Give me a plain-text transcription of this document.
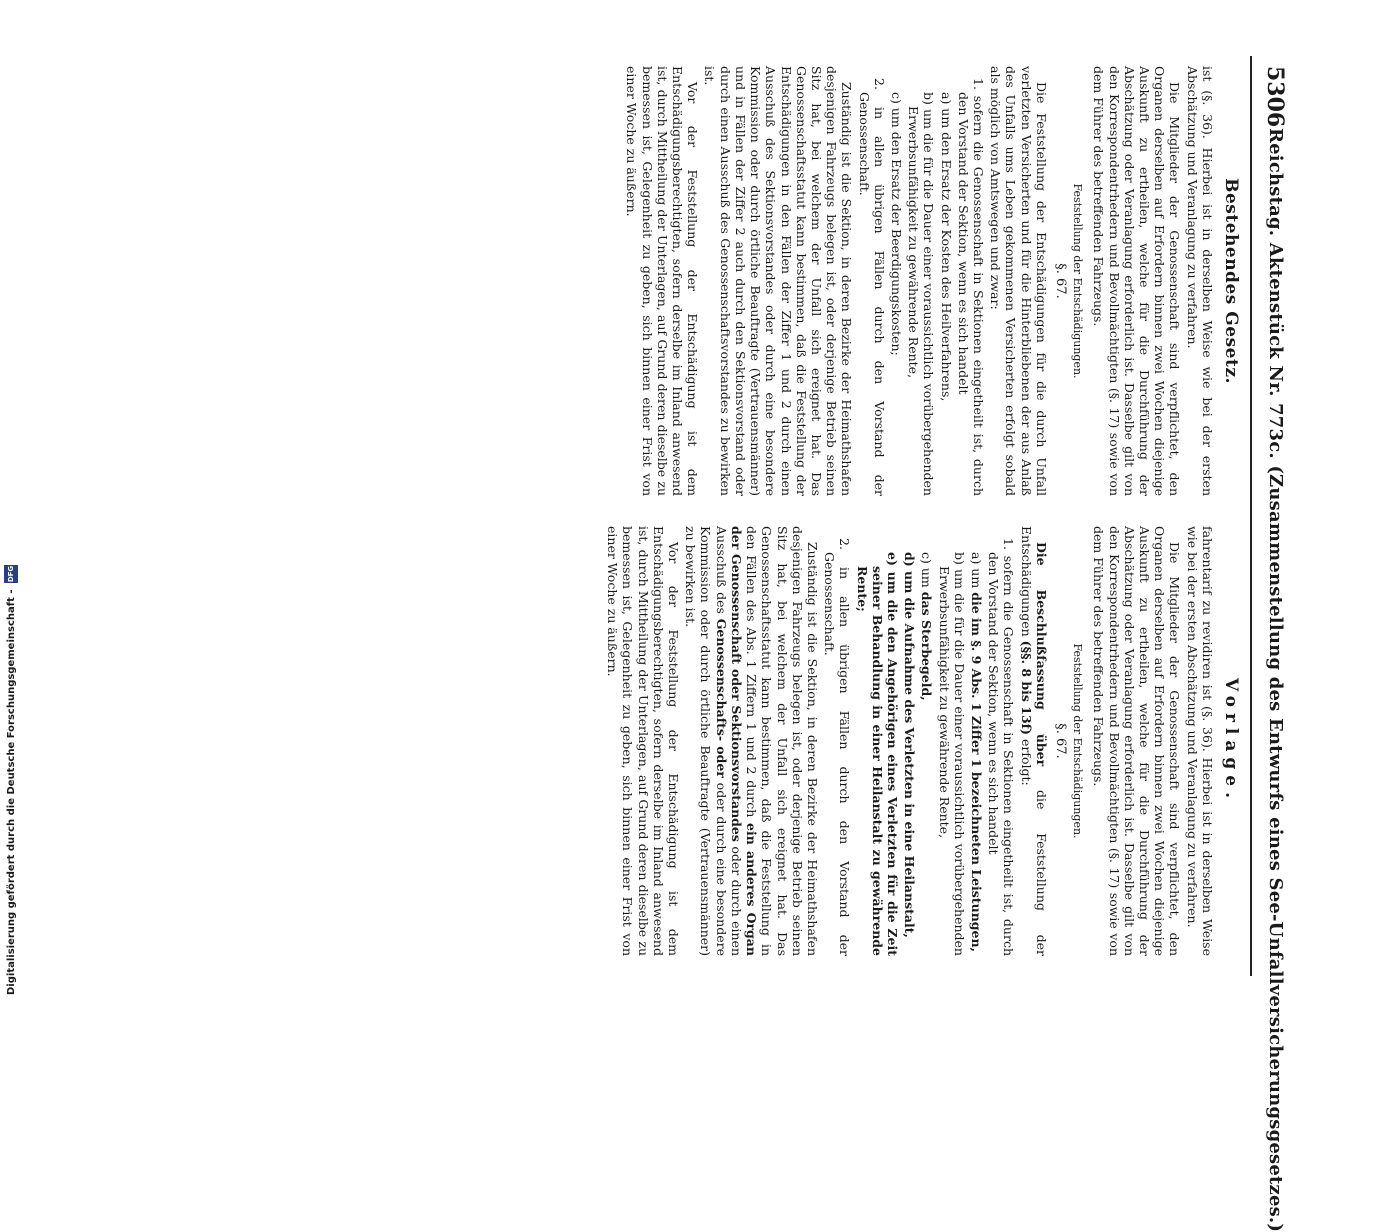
5306
Reichstag. Aktenstück Nr. 773c. (Zusammenstellung des Entwurfs eines See-Unfallversicherungsgesetzes.)
Bestehendes Gesetz.

ist (§. 36). Hierbei ist in derselben Weise wie bei der ersten Abschätzung und Veranlagung zu verfahren.

Die Mitglieder der Genossenschaft sind verpflichtet, den Organen derselben auf Erfordern binnen zwei Wochen diejenige Auskunft zu ertheilen, welche für die Durchführung der Abschätzung oder Veranlagung erforderlich ist. Dasselbe gilt von den Korrespondentrhedern und Bevollmächtigten (§. 17) sowie von dem Führer des betreffenden Fahrzeugs.

Feststellung der Entschädigungen.
§. 67.

Die Feststellung der Entschädigungen für die durch Unfall verletzten Versicherten und für die Hinterbliebenen der aus Anlaß des Unfalls ums Leben gekommenen Versicherten erfolgt sobald als möglich von Amtswegen und zwar:

1. sofern die Genossenschaft in Sektionen eingetheilt ist, durch den Vorstand der Sektion, wenn es sich handelt

a) um den Ersatz der Kosten des Heilverfahrens,

b) um die für die Dauer einer voraussichtlich vorübergehenden Erwerbsunfähigkeit zu gewährende Rente,

c) um den Ersatz der Beerdigungskosten;

2. in allen übrigen Fällen durch den Vorstand der Genossenschaft.

Zuständig ist die Sektion, in deren Bezirke der Heimathshafen desjenigen Fahrzeugs belegen ist, oder derjenige Betrieb seinen Sitz hat, bei welchem der Unfall sich ereignet hat. Das Genossenschaftsstatut kann bestimmen, daß die Feststellung der Entschädigungen in den Fällen der Ziffer 1 und 2 durch einen Ausschuß des Sektionsvorstandes oder durch eine besondere Kommission oder durch örtliche Beauftragte (Vertrauensmänner) und in Fällen der Ziffer 2 auch durch den Sektionsvorstand oder durch einen Ausschuß des Genossenschaftsvorstandes zu bewirken ist.

Vor der Feststellung der Entschädigung ist dem Entschädigungsberechtigten, sofern derselbe im Inland anwesend ist, durch Mittheilung der Unterlagen, auf Grund deren dieselbe zu bemessen ist, Gelegenheit zu geben, sich binnen einer Frist von einer Woche zu äußern.

Vorlage.

fahrentarif zu revidiren ist (§. 36). Hierbei ist in derselben Weise wie bei der ersten Abschätzung und Veranlagung zu verfahren.

Die Mitglieder der Genossenschaft sind verpflichtet, den Organen derselben auf Erfordern binnen zwei Wochen diejenige Auskunft zu ertheilen, welche für die Durchführung der Abschätzung oder Veranlagung erforderlich ist. Dasselbe gilt von den Korrespondentrhedern und Bevollmächtigten (§. 17) sowie von dem Führer des betreffenden Fahrzeugs.

Feststellung der Entschädigungen.
§. 67.

Die Beschlußfassung über die Feststellung der Entschädigungen (§§. 8 bis 13f) erfolgt:

1. sofern die Genossenschaft in Sektionen eingetheilt ist, durch den Vorstand der Sektion, wenn es sich handelt

a) um die im §. 9 Abs. 1 Ziffer 1 bezeichneten Leistungen,

b) um die für die Dauer einer voraussichtlich vorübergehenden Erwerbsunfähigkeit zu gewährende Rente,

c) um das Sterbegeld,

d) um die Aufnahme des Verletzten in eine Heilanstalt,

e) um die den Angehörigen eines Verletzten für die Zeit seiner Behandlung in einer Heilanstalt zu gewährende Rente;

2. in allen übrigen Fällen durch den Vorstand der Genossenschaft.

Zuständig ist die Sektion, in deren Bezirke der Heimathshafen desjenigen Fahrzeugs belegen ist, oder derjenige Betrieb seinen Sitz hat, bei welchem der Unfall sich ereignet hat. Das Genossenschaftsstatut kann bestimmen, daß die Feststellung in den Fällen des Abs. 1 Ziffern 1 und 2 durch ein anderes Organ der Genossenschaft oder Sektionsvorstandes oder durch einen Ausschuß des Genossenschafts- oder oder durch eine besondere Kommission oder durch örtliche Beauftragte (Vertrauensmänner) zu bewirken ist.

Vor der Feststellung der Entschädigung ist dem Entschädigungsberechtigten, sofern derselbe im Inland anwesend ist, durch Mittheilung der Unterlagen, auf Grund deren dieselbe zu bemessen ist, Gelegenheit zu geben, sich binnen einer Frist von einer Woche zu äußern.

Digitalisierung gefördert durch die Deutsche Forschungsgemeinschaft - DFG
